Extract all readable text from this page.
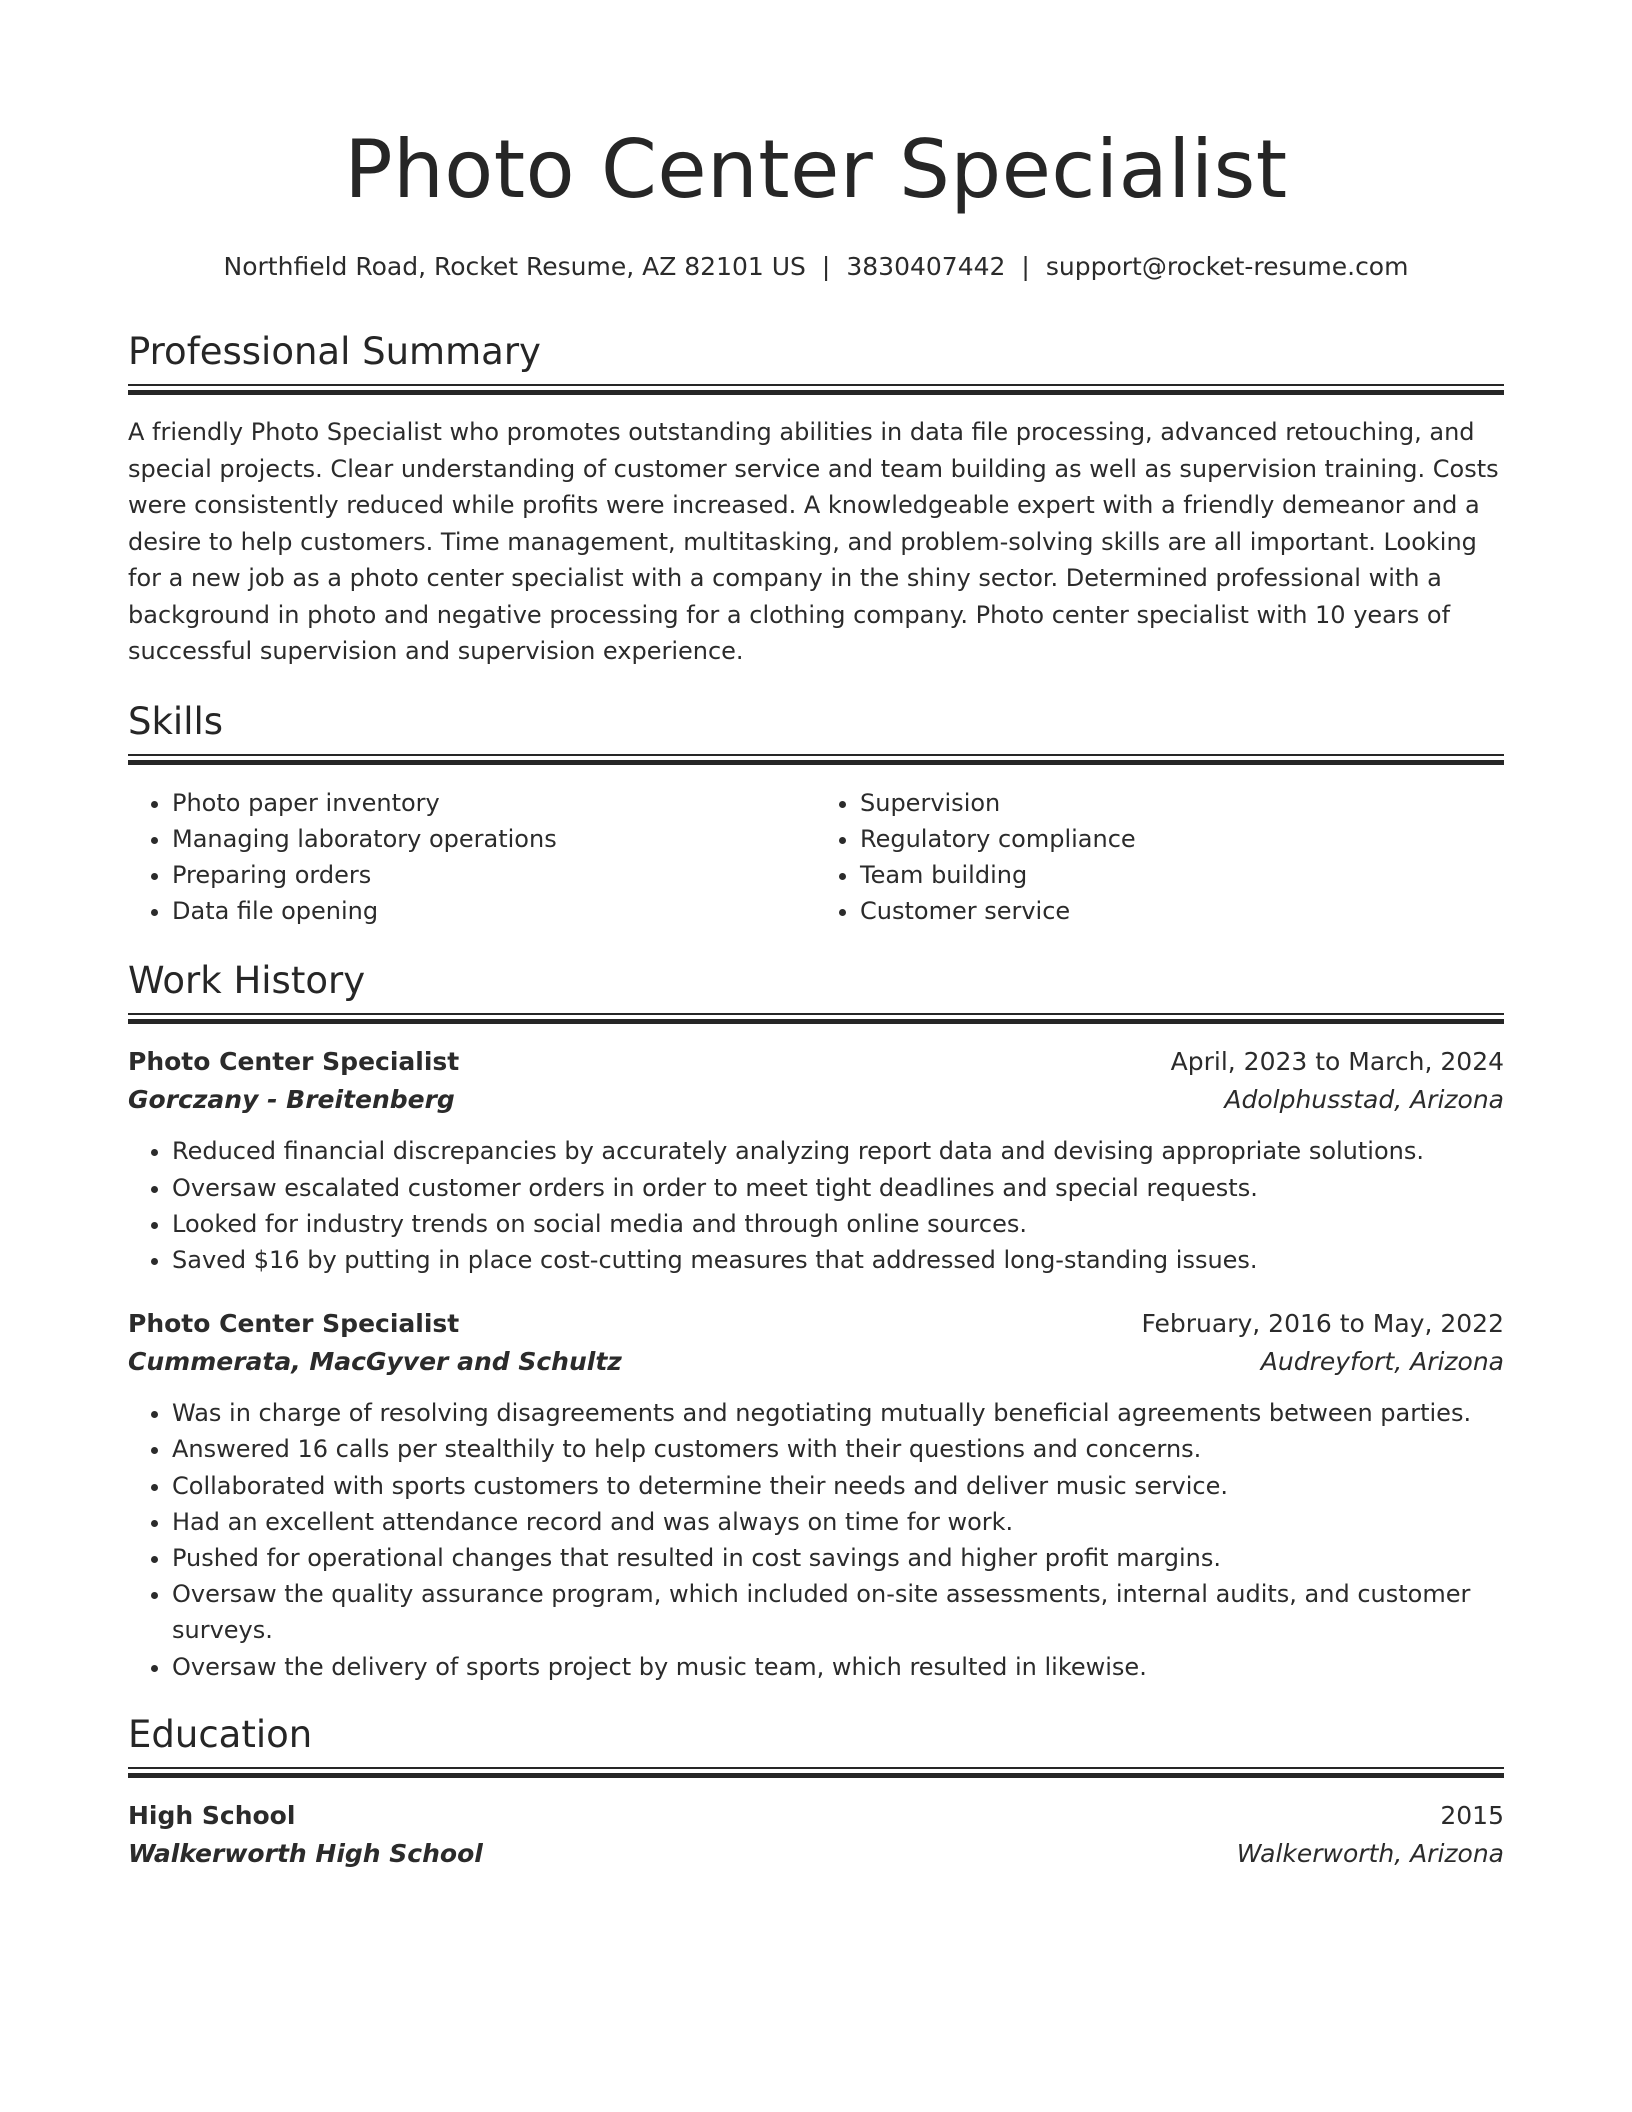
Photo Center Specialist
Northfield Road, Rocket Resume, AZ 82101 US | 3830407442 | support@rocket-resume.com
Professional Summary

A friendly Photo Specialist who promotes outstanding abilities in data file processing, advanced retouching, and special projects. Clear understanding of customer service and team building as well as supervision training. Costs were consistently reduced while profits were increased. A knowledgeable expert with a friendly demeanor and a desire to help customers. Time management, multitasking, and problem-solving skills are all important. Looking for a new job as a photo center specialist with a company in the shiny sector. Determined professional with a background in photo and negative processing for a clothing company. Photo center specialist with 10 years of successful supervision and supervision experience.

Skills
• Photo paper inventory
• Managing laboratory operations
• Preparing orders
• Data file opening
• Supervision
• Regulatory compliance
• Team building
• Customer service
Work History
Photo Center Specialist	April, 2023 to March, 2024
Gorczany - Breitenberg	Adolphusstad, Arizona
• Reduced financial discrepancies by accurately analyzing report data and devising appropriate solutions.
• Oversaw escalated customer orders in order to meet tight deadlines and special requests.
• Looked for industry trends on social media and through online sources.
• Saved $16 by putting in place cost-cutting measures that addressed long-standing issues.
Photo Center Specialist	February, 2016 to May, 2022
Cummerata, MacGyver and Schultz	Audreyfort, Arizona
• Was in charge of resolving disagreements and negotiating mutually beneficial agreements between parties.
• Answered 16 calls per stealthily to help customers with their questions and concerns.
• Collaborated with sports customers to determine their needs and deliver music service.
• Had an excellent attendance record and was always on time for work.
• Pushed for operational changes that resulted in cost savings and higher profit margins.
• Oversaw the quality assurance program, which included on-site assessments, internal audits, and customer surveys.
• Oversaw the delivery of sports project by music team, which resulted in likewise.
Education
High School	2015
Walkerworth High School	Walkerworth, Arizona
